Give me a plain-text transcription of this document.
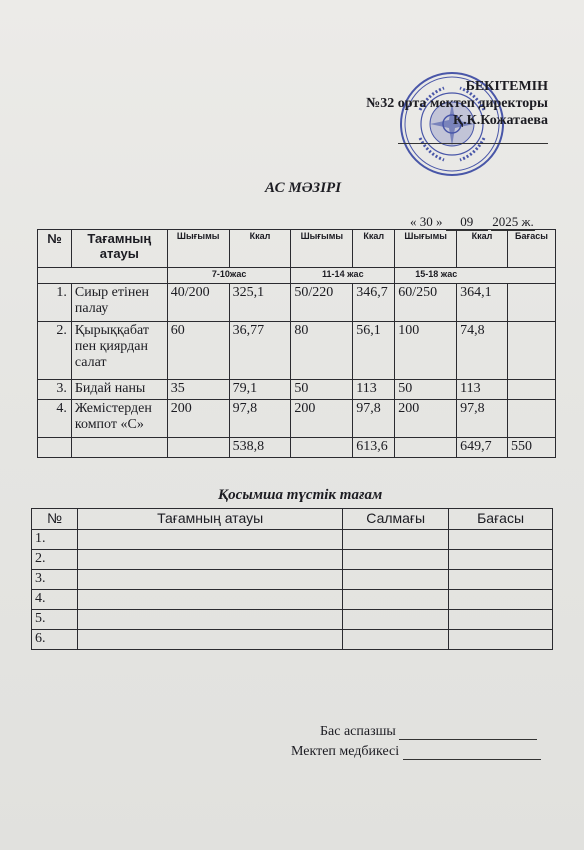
БЕКІТЕМІН
№32 орта мектеп директоры
Қ.К.Кожатаева
АС МӘЗІРІ
« 30 » 09 2025 ж.
№	Тағамның атауы	Шығымы	Ккал	Шығымы	Ккал	Шығымы	Ккал	Бағасы
		7-10жас		11-14 жас		15-18 жас		
1.	Сиыр етінен палау	40/200	325,1	50/220	346,7	60/250	364,1	
2.	Қырыққабат пен қиярдан салат	60	36,77	80	56,1	100	74,8	
3.	Бидай наны	35	79,1	50	113	50	113	
4.	Жемістерден компот «С»	200	97,8	200	97,8	200	97,8	
			538,8		613,6		649,7	550
Қосымша түстік тағам
№	Тағамның атауы	Салмағы	Бағасы
1.			
2.			
3.			
4.			
5.			
6.			
Бас аспазшы
Мектеп медбикесі
